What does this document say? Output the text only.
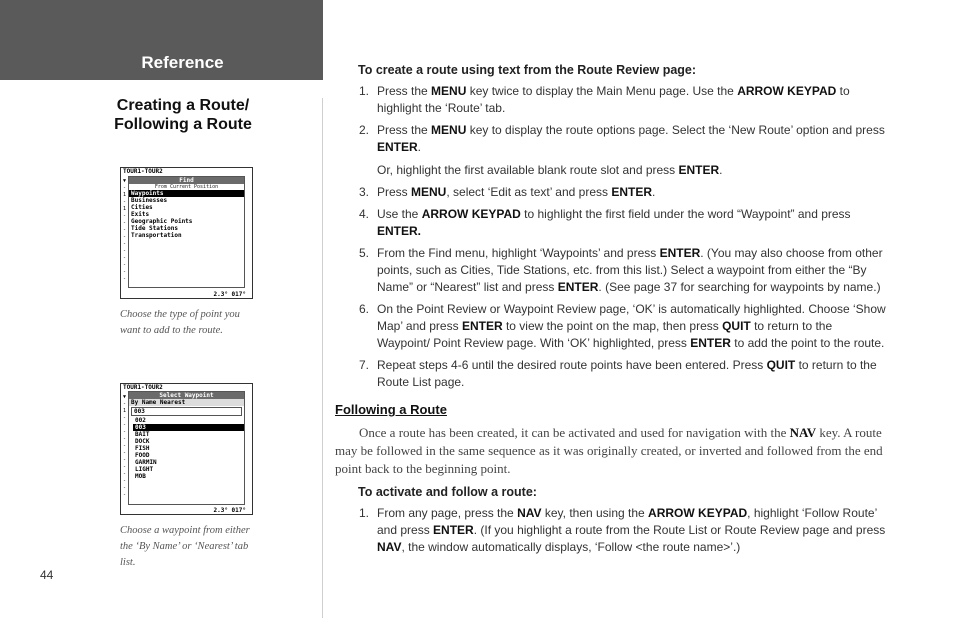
Reference
Creating a Route/ Following a Route
TOUR1-TOUR2
▼
-
1
-
1
-
-
-
-
-
-
-
-
-
-
Find
From Current Position
Waypoints
Businesses
Cities
Exits
Geographic Points
Tide Stations
Transportation
2.3° 017°
Choose the type of point you want to add to the route.
TOUR1-TOUR2
▼
-
1
-
-
-
-
-
-
-
-
-
-
-
-
Select Waypoint
By Name Nearest
003
002
003
BAIT
DOCK
FISH
FOOD
GARMIN
LIGHT
MOB
2.3° 017°
Choose a waypoint from either the ‘By Name’ or ‘Nearest’ tab list.
44
To create a route using text from the Route Review page:
1. Press the MENU key twice to display the Main Menu page. Use the ARROW KEYPAD to highlight the ‘Route’ tab.
2. Press the MENU key to display the route options page. Select the ‘New Route’ option and press ENTER.
Or, highlight the first available blank route slot and press ENTER.
3. Press MENU, select ‘Edit as text’ and press ENTER.
4. Use the ARROW KEYPAD to highlight the first field under the word “Waypoint” and press ENTER.
5. From the Find menu, highlight ‘Waypoints’ and press ENTER. (You may also choose from other points, such as Cities, Tide Stations, etc. from this list.) Select a waypoint from either the “By Name” or “Nearest” list and press ENTER. (See page 37 for searching for waypoints by name.)
6. On the Point Review or Waypoint Review page, ‘OK’ is automatically highlighted. Choose ‘Show Map’ and press ENTER to view the point on the map, then press QUIT to return to the Waypoint/ Point Review page. With ‘OK’ highlighted, press ENTER to add the point to the route.
7. Repeat steps 4-6 until the desired route points have been entered. Press QUIT to return to the Route List page.
Following a Route
Once a route has been created, it can be activated and used for navigation with the NAV key. A route may be followed in the same sequence as it was originally created, or inverted and followed from the end point back to the beginning point.
To activate and follow a route:
1. From any page, press the NAV key, then using the ARROW KEYPAD, highlight ‘Follow Route’ and press ENTER. (If you highlight a route from the Route List or Route Review page and press NAV, the window automatically displays, ‘Follow <the route name>’.)
